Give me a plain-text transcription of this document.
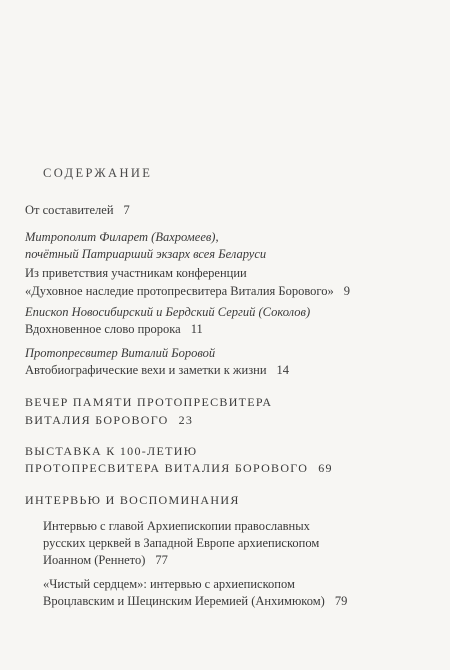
СОДЕРЖАНИЕ
От составителей 7
Митрополит Филарет (Вахромеев),
почётный Патриарший экзарх всея Беларуси
Из приветствия участникам конференции
«Духовное наследие протопресвитера Виталия Борового» 9
Епископ Новосибирский и Бердский Сергий (Соколов)
Вдохновенное слово пророка 11
Протопресвитер Виталий Боровой
Автобиографические вехи и заметки к жизни 14
ВЕЧЕР ПАМЯТИ ПРОТОПРЕСВИТЕРА
ВИТАЛИЯ БОРОВОГО 23
ВЫСТАВКА К 100-ЛЕТИЮ
ПРОТОПРЕСВИТЕРА ВИТАЛИЯ БОРОВОГО 69
ИНТЕРВЬЮ И ВОСПОМИНАНИЯ
Интервью с главой Архиепископии православных
русских церквей в Западной Европе архиепископом
Иоанном (Реннето) 77
«Чистый сердцем»: интервью с архиепископом
Вроцлавским и Шецинским Иеремией (Анхимюком) 79
